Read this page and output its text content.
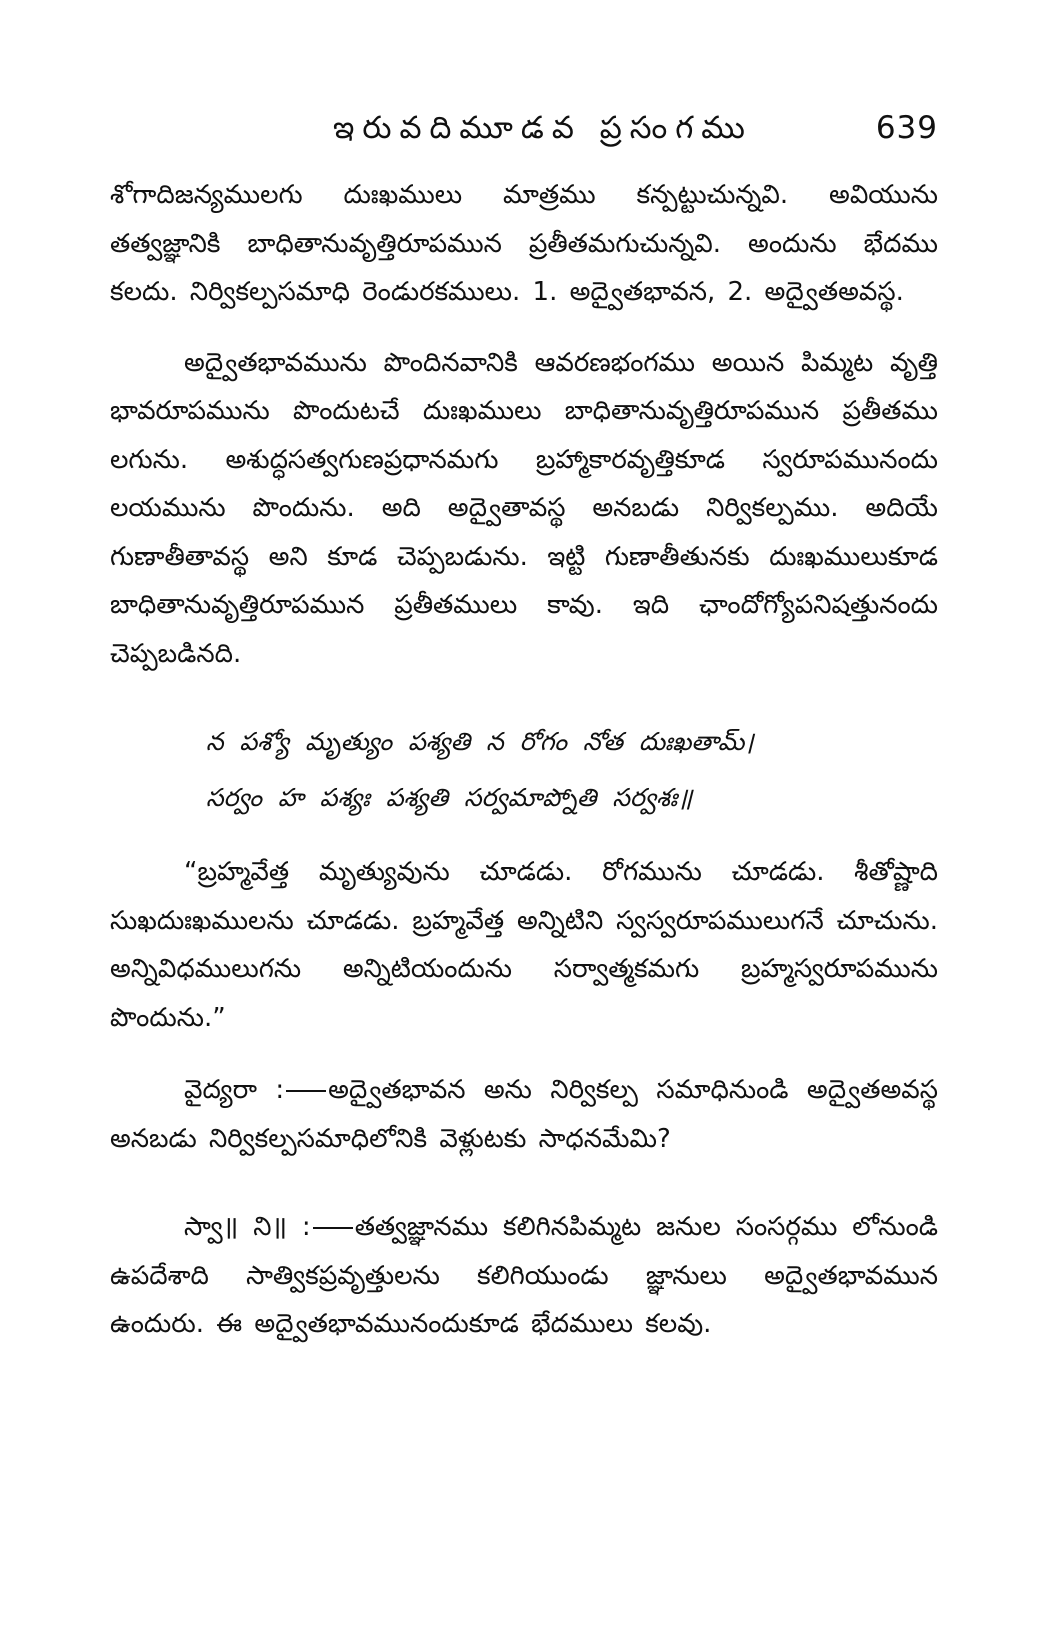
ఇరువదిమూడవ ప్రసంగము	639

శోగాదిజన్యములగు దుఃఖములు మాత్రము కన్పట్టుచున్నవి. అవియును తత్వజ్ఞానికి బాధితానువృత్తిరూపమున ప్రతీతమగుచున్నవి. అందును భేదము కలదు. నిర్వికల్పసమాధి రెండురకములు. 1. అద్వైతభావన, 2. అద్వైతఅవస్థ.

అద్వైతభావమును పొందినవానికి ఆవరణభంగము అయిన పిమ్మట వృత్తి భావరూపమును పొందుటచే దుఃఖములు బాధితానువృత్తిరూపమున ప్రతీతము లగును. అశుద్ధసత్వగుణప్రధానమగు బ్రహ్మాకారవృత్తికూడ స్వరూపమునందు లయమును పొందును. అది అద్వైతావస్థ అనబడు నిర్వికల్పము. అదియే గుణాతీతావస్థ అని కూడ చెప్పబడును. ఇట్టి గుణాతీతునకు దుఃఖములుకూడ బాధితానువృత్తిరూపమున ప్రతీతములు కావు. ఇది ఛాందోగ్యోపనిషత్తునందు చెప్పబడినది.

న పశ్యో మృత్యుం పశ్యతి న రోగం నోత దుఃఖతామ్।

సర్వం హ పశ్యః పశ్యతి సర్వమాప్నోతి సర్వశః॥

“బ్రహ్మవేత్త మృత్యువును చూడడు. రోగమును చూడడు. శీతోష్ణాది సుఖదుఃఖములను చూడడు. బ్రహ్మవేత్త అన్నిటిని స్వస్వరూపములుగనే చూచును. అన్నివిధములుగను అన్నిటియందును సర్వాత్మకమగు బ్రహ్మస్వరూపమును పొందును.”

వైద్యరా : అద్వైతభావన అను నిర్వికల్ప సమాధినుండి అద్వైతఅవస్థ అనబడు నిర్వికల్పసమాధిలోనికి వెళ్లుటకు సాధనమేమి?

స్వా॥ ని॥ : తత్వజ్ఞానము కలిగినపిమ్మట జనుల సంసర్గము లోనుండి ఉపదేశాది సాత్వికప్రవృత్తులను కలిగియుండు జ్ఞానులు అద్వైతభావమున ఉందురు. ఈ అద్వైతభావమునందుకూడ భేదములు కలవు.
